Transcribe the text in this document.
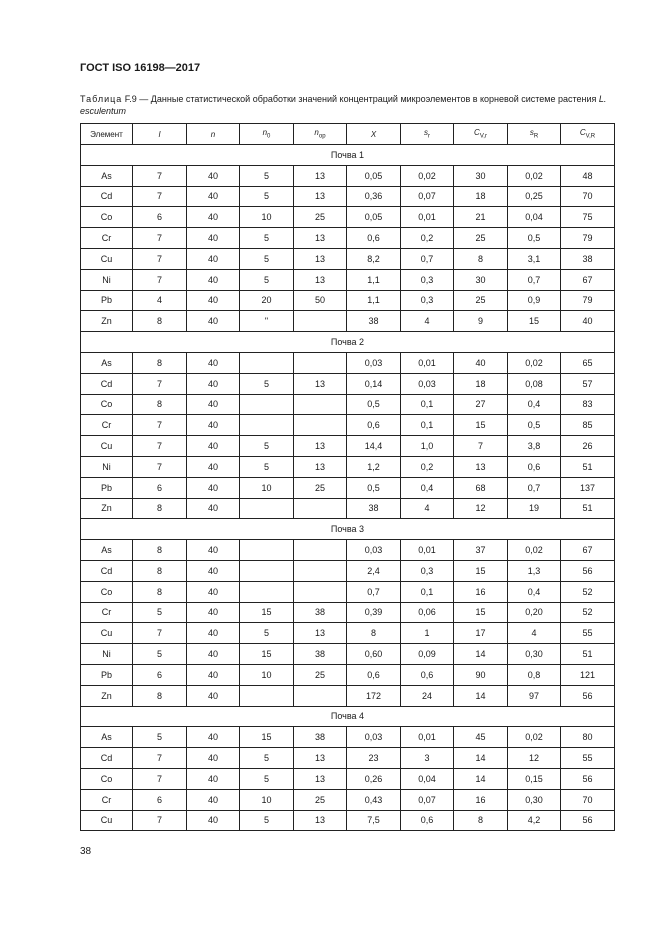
ГОСТ ISO 16198—2017
Таблица F.9 — Данные статистической обработки значений концентраций микроэлементов в корневой системе растения L. esculentum
Элемент	l	n	$n_0$	$n_{op}$	X	$s_r$	$C_{V,r}$	$s_R$	$C_{V,R}$
Почва 1									
As	7	40	5	13	0,05	0,02	30	0,02	48
Cd	7	40	5	13	0,36	0,07	18	0,25	70
Co	6	40	10	25	0,05	0,01	21	0,04	75
Cr	7	40	5	13	0,6	0,2	25	0,5	79
Cu	7	40	5	13	8,2	0,7	8	3,1	38
Ni	7	40	5	13	1,1	0,3	30	0,7	67
Pb	4	40	20	50	1,1	0,3	25	0,9	79
Zn	8	40	"		38	4	9	15	40
Почва 2									
As	8	40			0,03	0,01	40	0,02	65
Cd	7	40	5	13	0,14	0,03	18	0,08	57
Co	8	40			0,5	0,1	27	0,4	83
Cr	7	40			0,6	0,1	15	0,5	85
Cu	7	40	5	13	14,4	1,0	7	3,8	26
Ni	7	40	5	13	1,2	0,2	13	0,6	51
Pb	6	40	10	25	0,5	0,4	68	0,7	137
Zn	8	40			38	4	12	19	51
Почва 3									
As	8	40			0,03	0,01	37	0,02	67
Cd	8	40			2,4	0,3	15	1,3	56
Co	8	40			0,7	0,1	16	0,4	52
Cr	5	40	15	38	0,39	0,06	15	0,20	52
Cu	7	40	5	13	8	1	17	4	55
Ni	5	40	15	38	0,60	0,09	14	0,30	51
Pb	6	40	10	25	0,6	0,6	90	0,8	121
Zn	8	40			172	24	14	97	56
Почва 4									
As	5	40	15	38	0,03	0,01	45	0,02	80
Cd	7	40	5	13	23	3	14	12	55
Co	7	40	5	13	0,26	0,04	14	0,15	56
Cr	6	40	10	25	0,43	0,07	16	0,30	70
Cu	7	40	5	13	7,5	0,6	8	4,2	56
38
